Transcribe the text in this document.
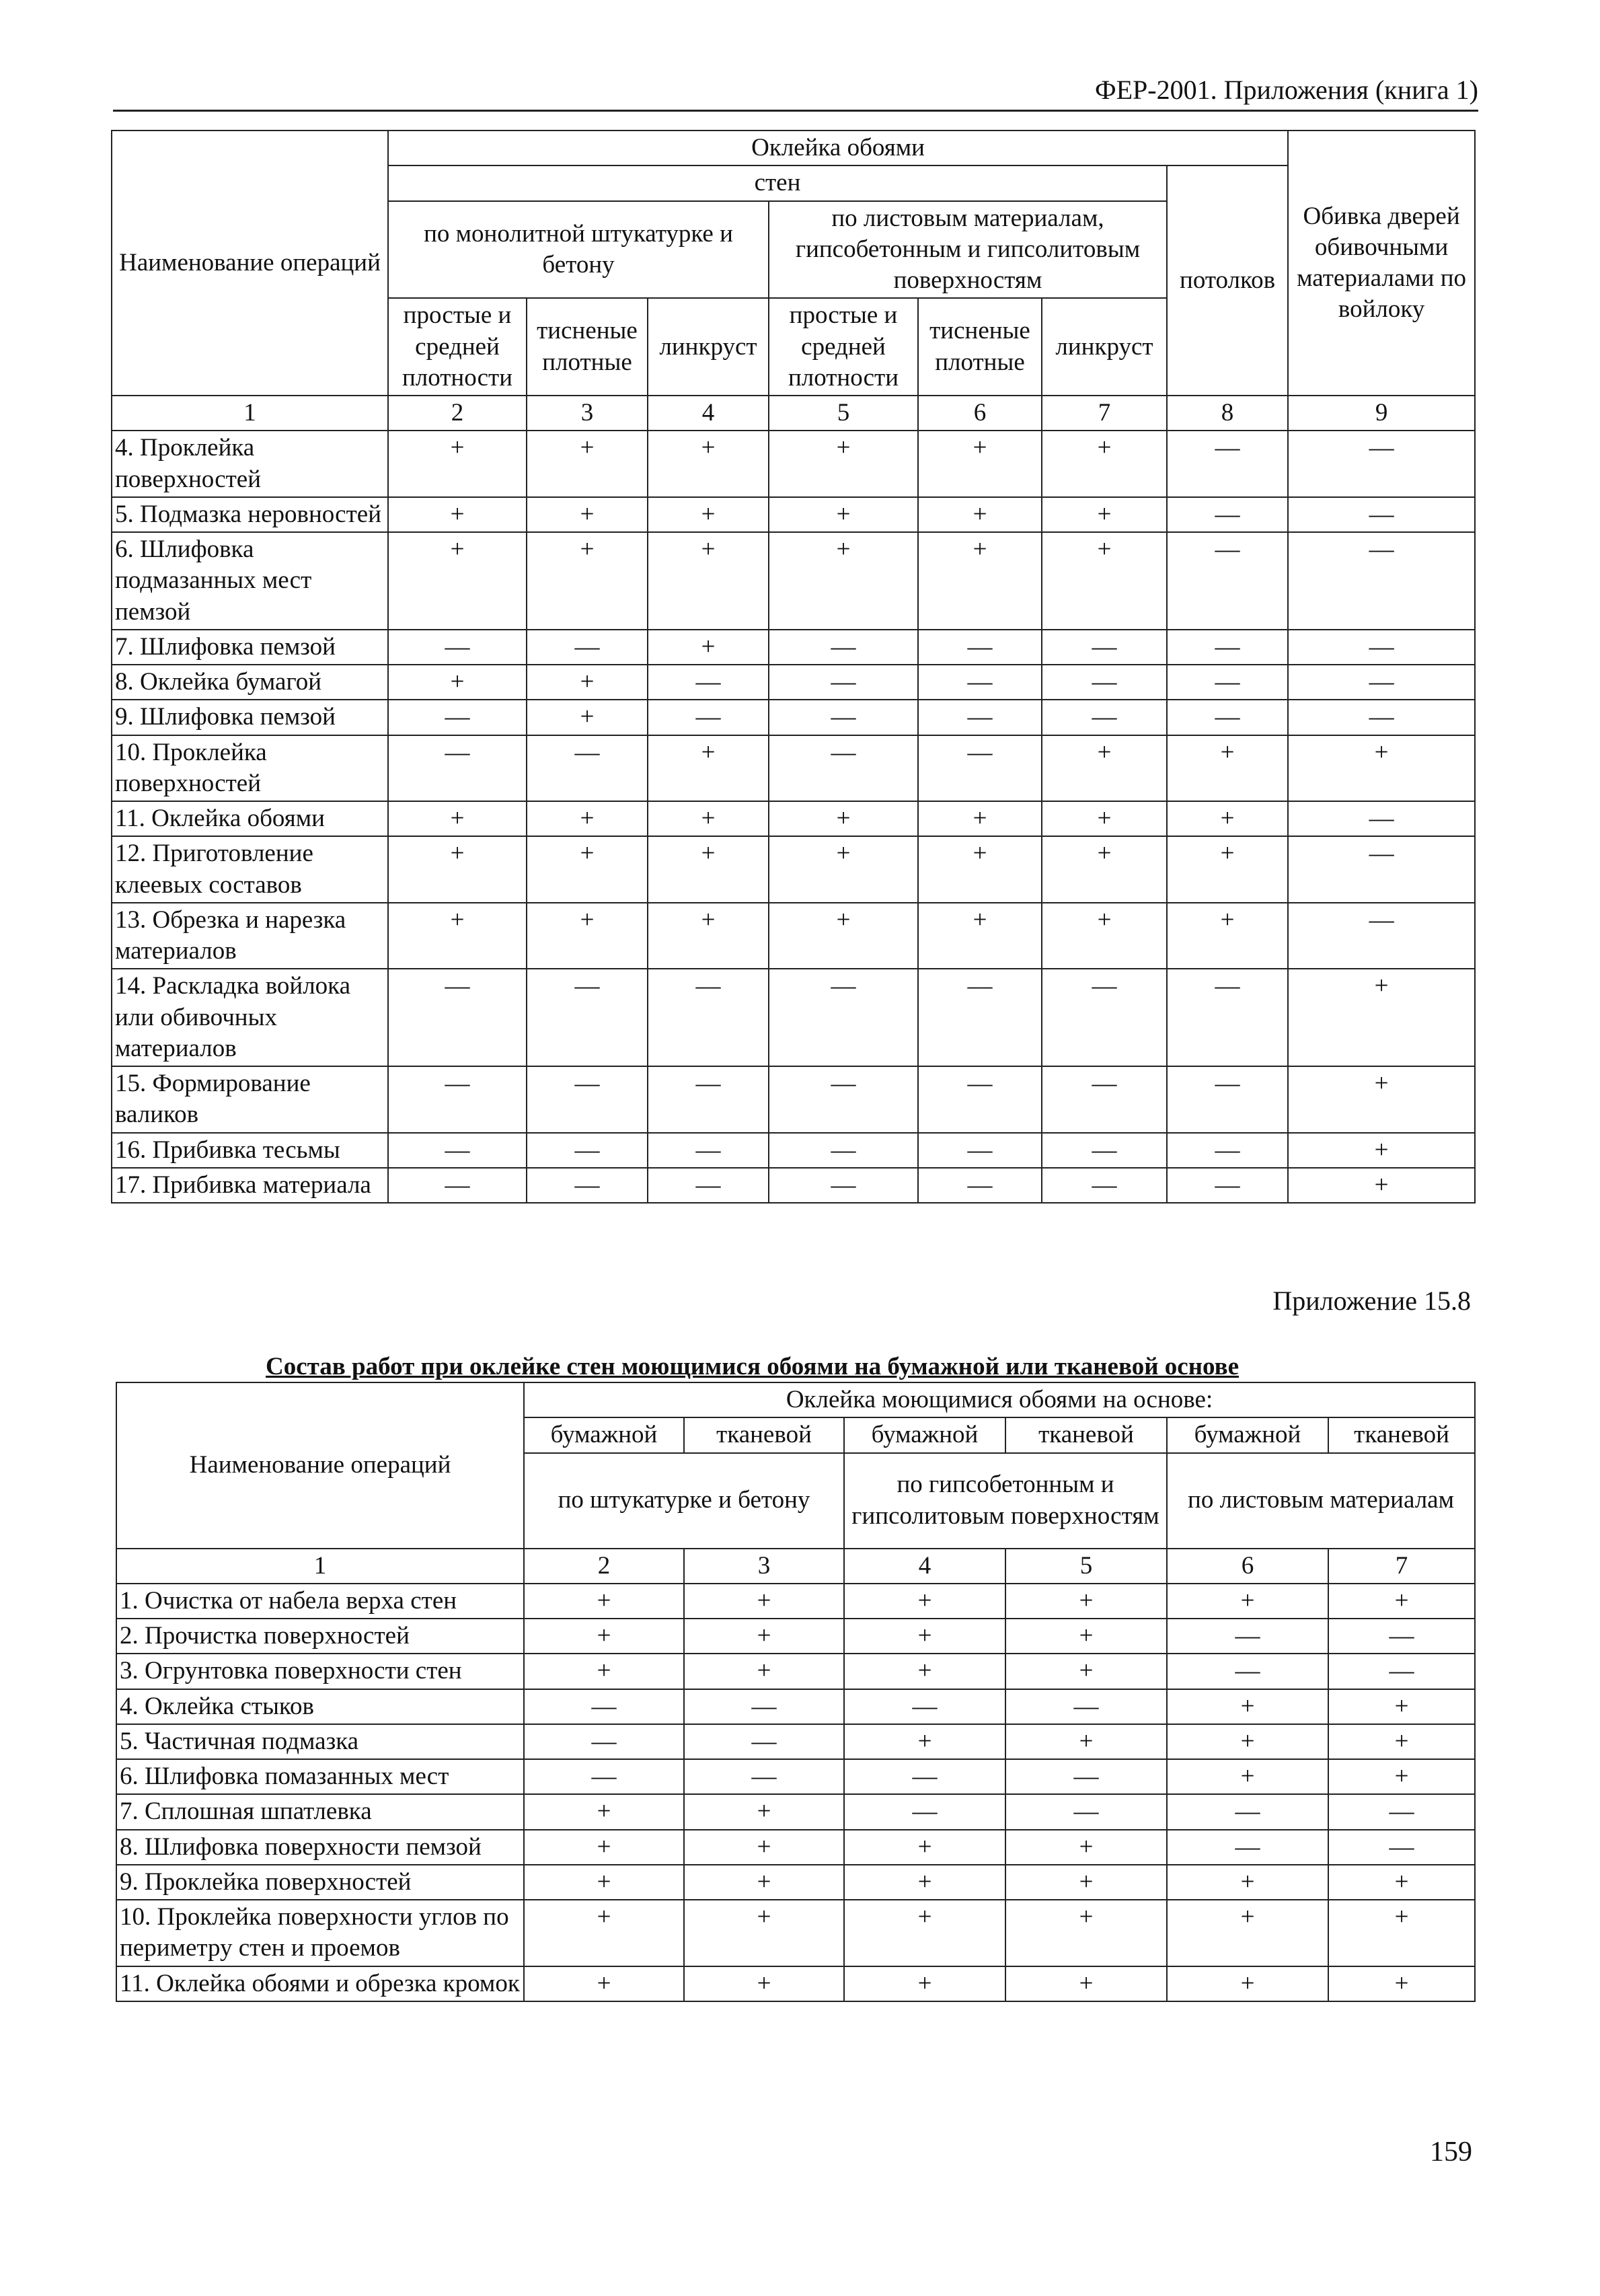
ФЕР-2001. Приложения (книга 1)
Наименование операций	Оклейка обоями							Обивка дверей обивочными материалами по войлоку
	стен						потолков	
	по монолитной штукатурке и бетону			по листовым материалам, гипсобетонным и гипсолитовым поверхностям				
	простые и средней плотности	тисненые плотные	линкруст	простые и средней плотности	тисненые плотные	линкруст		
1	2	3	4	5	6	7	8	9
4. Проклейка поверхностей	+	+	+	+	+	+	—	—
5. Подмазка неровностей	+	+	+	+	+	+	—	—
6. Шлифовка подмазанных мест пемзой	+	+	+	+	+	+	—	—
7. Шлифовка пемзой	—	—	+	—	—	—	—	—
8. Оклейка бумагой	+	+	—	—	—	—	—	—
9. Шлифовка пемзой	—	+	—	—	—	—	—	—
10. Проклейка поверхностей	—	—	+	—	—	+	+	+
11. Оклейка обоями	+	+	+	+	+	+	+	—
12. Приготовление клеевых составов	+	+	+	+	+	+	+	—
13. Обрезка и нарезка материалов	+	+	+	+	+	+	+	—
14. Раскладка войлока или обивочных материалов	—	—	—	—	—	—	—	+
15. Формирование валиков	—	—	—	—	—	—	—	+
16. Прибивка тесьмы	—	—	—	—	—	—	—	+
17. Прибивка материала	—	—	—	—	—	—	—	+
Приложение 15.8
Состав работ при оклейке стен моющимися обоями на бумажной или тканевой основе
Наименование операций	Оклейка моющимися обоями на основе:					
	бумажной	тканевой	бумажной	тканевой	бумажной	тканевой
	по штукатурке и бетону		по гипсобетонным и гипсолитовым поверхностям		по листовым материалам	
1	2	3	4	5	6	7
1. Очистка от набела верха стен	+	+	+	+	+	+
2. Прочистка поверхностей	+	+	+	+	—	—
3. Огрунтовка поверхности стен	+	+	+	+	—	—
4. Оклейка стыков	—	—	—	—	+	+
5. Частичная подмазка	—	—	+	+	+	+
6. Шлифовка помазанных мест	—	—	—	—	+	+
7. Сплошная шпатлевка	+	+	—	—	—	—
8. Шлифовка поверхности пемзой	+	+	+	+	—	—
9. Проклейка поверхностей	+	+	+	+	+	+
10. Проклейка поверхности углов по периметру стен и проемов	+	+	+	+	+	+
11. Оклейка обоями и обрезка кромок	+	+	+	+	+	+
159
